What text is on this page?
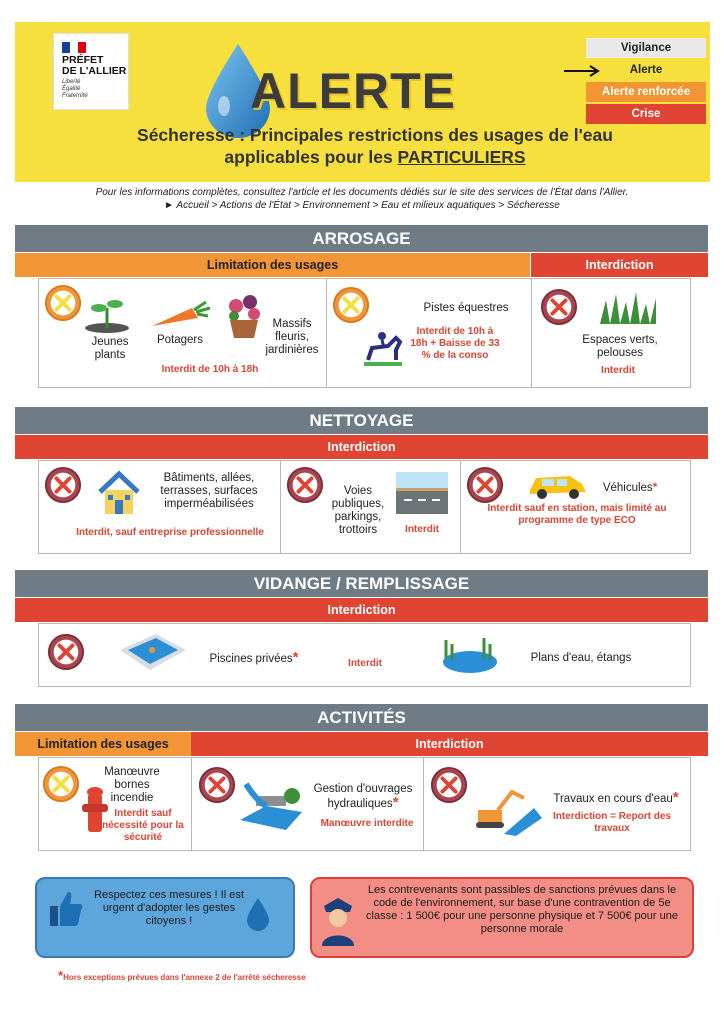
PRÉFET
DE L'ALLIER
Liberté
Égalité
Fraternité	ALERTE
Sécheresse : Principales restrictions des usages de l'eau
applicables pour les PARTICULIERS
Vigilance
Alerte
Alerte renforcée
Crise
Pour les informations complètes, consultez l'article et les documents dédiés sur le site des services de l'État dans l'Allier.
► Accueil > Actions de l'État > Environnement > Eau et milieux aquatiques > Sécheresse
ARROSAGE
Limitation des usages	Interdiction
Jeunes plants
Potagers
Massifs fleuris, jardinières
Interdit de 10h à 18h
Pistes équestres
Interdit de 10h à 18h + Baisse de 33 % de la conso
Espaces verts, pelouses
Interdit
NETTOYAGE
Interdiction
Bâtiments, allées, terrasses, surfaces imperméabilisées
Interdit, sauf entreprise professionnelle
Voies publiques, parkings, trottoirs	Interdit
Véhicules*
Interdit sauf en station, mais limité au programme de type ECO
VIDANGE / REMPLISSAGE
Interdiction
Piscines privées*	Interdit	Plans d'eau, étangs
ACTIVITÉS
Limitation des usages	Interdiction
Manœuvre bornes incendie
Interdit sauf nécessité pour la sécurité
Gestion d'ouvrages hydrauliques*
Manœuvre interdite
Travaux en cours d'eau*
Interdiction = Report des travaux
Respectez ces mesures ! Il est urgent d'adopter les gestes citoyens !
Les contrevenants sont passibles de sanctions prévues dans le code de l'environnement, sur base d'une contravention de 5e classe : 1 500€ pour une personne physique et 7 500€ pour une personne morale
*Hors exceptions prévues dans l'annexe 2 de l'arrêté sécheresse
